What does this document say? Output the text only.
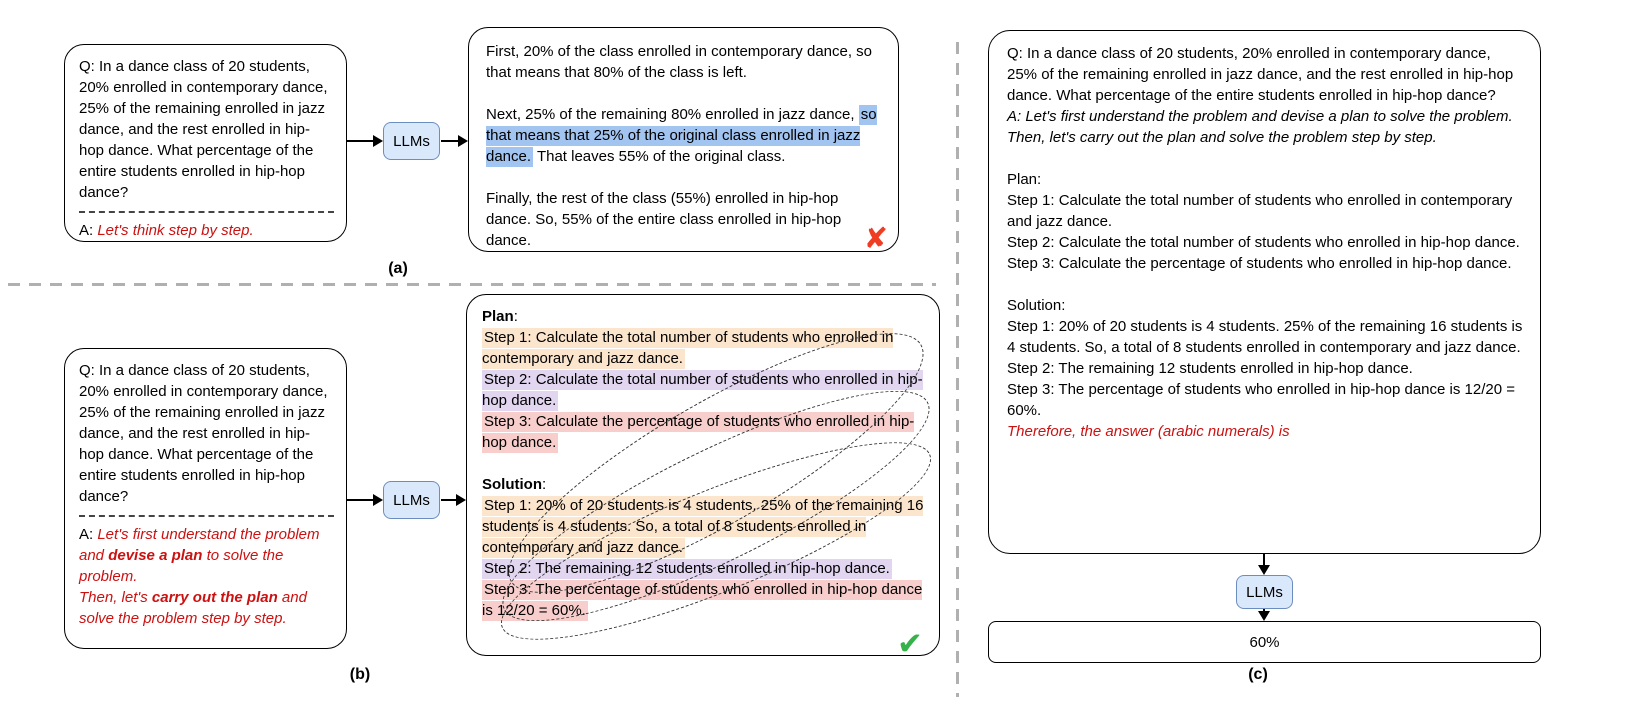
Q: In a dance class of 20 students, 20% enrolled in contemporary dance, 25% of the remaining enrolled in jazz dance, and the rest enrolled in hip-hop dance. What percentage of the entire students enrolled in hip-hop dance?
A: Let's think step by step.
LLMs
First, 20% of the class enrolled in contemporary dance, so that means that 80% of the class is left.
Next, 25% of the remaining 80% enrolled in jazz dance, so that means that 25% of the original class enrolled in jazz dance. That leaves 55% of the original class.
Finally, the rest of the class (55%) enrolled in hip-hop dance. So, 55% of the entire class enrolled in hip-hop dance.	✘
(a)
Q: In a dance class of 20 students, 20% enrolled in contemporary dance, 25% of the remaining enrolled in jazz dance, and the rest enrolled in hip-hop dance. What percentage of the entire students enrolled in hip-hop dance?
A: Let's first understand the problem and devise a plan to solve the problem.
Then, let's carry out the plan and solve the problem step by step.
LLMs
Plan:
Step 1: Calculate the total number of students who enrolled in contemporary and jazz dance.
Step 2: Calculate the total number of students who enrolled in hip-hop dance.
Step 3: Calculate the percentage of students who enrolled in hip-hop dance.
Solution:
Step 1: 20% of 20 students is 4 students. 25% of the remaining 16 students is 4 students. So, a total of 8 students enrolled in contemporary and jazz dance.
Step 2: The remaining 12 students enrolled in hip-hop dance.
Step 3: The percentage of students who enrolled in hip-hop dance is 12/20 = 60%.
✔
(b)
Q: In a dance class of 20 students, 20% enrolled in contemporary dance, 25% of the remaining enrolled in jazz dance, and the rest enrolled in hip-hop dance. What percentage of the entire students enrolled in hip-hop dance?
A: Let's first understand the problem and devise a plan to solve the problem.
Then, let's carry out the plan and solve the problem step by step.
Plan:
Step 1: Calculate the total number of students who enrolled in contemporary and jazz dance.
Step 2: Calculate the total number of students who enrolled in hip-hop dance.
Step 3: Calculate the percentage of students who enrolled in hip-hop dance.
Solution:
Step 1: 20% of 20 students is 4 students. 25% of the remaining 16 students is 4 students. So, a total of 8 students enrolled in contemporary and jazz dance.
Step 2: The remaining 12 students enrolled in hip-hop dance.
Step 3: The percentage of students who enrolled in hip-hop dance is 12/20 = 60%.
Therefore, the answer (arabic numerals) is
LLMs
60%
(c)
